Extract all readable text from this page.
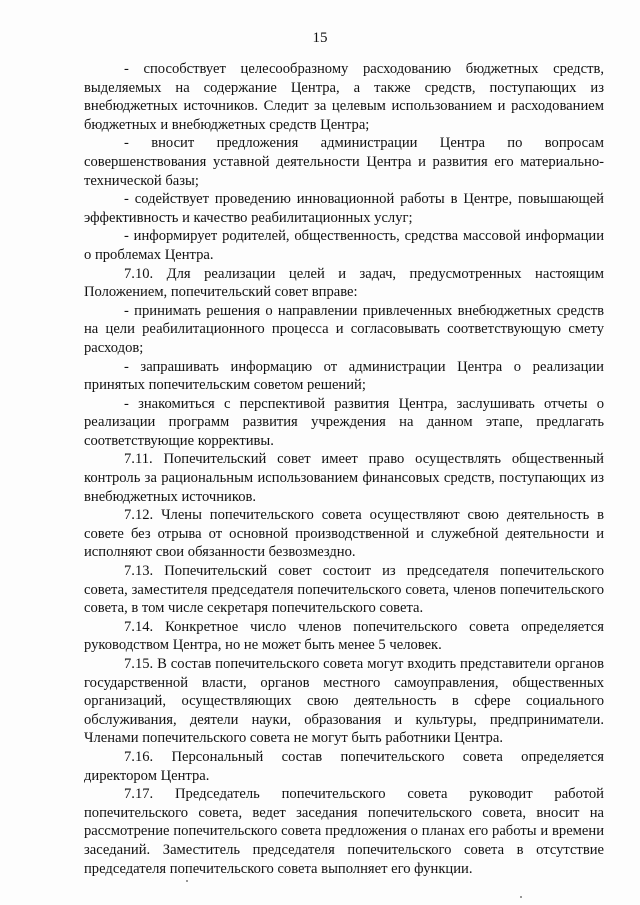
15

- способствует целесообразному расходованию бюджетных средств, выделяемых на содержание Центра, а также средств, поступающих из внебюджетных источников. Следит за целевым использованием и расходованием бюджетных и внебюджетных средств Центра;

- вносит предложения администрации Центра по вопросам совершенствования уставной деятельности Центра и развития его материально-технической базы;

- содействует проведению инновационной работы в Центре, повышающей эффективность и качество реабилитационных услуг;

- информирует родителей, общественность, средства массовой информации о проблемах Центра.

7.10. Для реализации целей и задач, предусмотренных настоящим Положением, попечительский совет вправе:

- принимать решения о направлении привлеченных внебюджетных средств на цели реабилитационного процесса и согласовывать соответствующую смету расходов;

- запрашивать информацию от администрации Центра о реализации принятых попечительским советом решений;

- знакомиться с перспективой развития Центра, заслушивать отчеты о реализации программ развития учреждения на данном этапе, предлагать соответствующие коррективы.

7.11. Попечительский совет имеет право осуществлять общественный контроль за рациональным использованием финансовых средств, поступающих из внебюджетных источников.

7.12. Члены попечительского совета осуществляют свою деятельность в совете без отрыва от основной производственной и служебной деятельности и исполняют свои обязанности безвозмездно.

7.13. Попечительский совет состоит из председателя попечительского совета, заместителя председателя попечительского совета, членов попечительского совета, в том числе секретаря попечительского совета.

7.14. Конкретное число членов попечительского совета определяется руководством Центра, но не может быть менее 5 человек.

7.15. В состав попечительского совета могут входить представители органов государственной власти, органов местного самоуправления, общественных организаций, осуществляющих свою деятельность в сфере социального обслуживания, деятели науки, образования и культуры, предприниматели. Членами попечительского совета не могут быть работники Центра.

7.16. Персональный состав попечительского совета определяется директором Центра.

7.17. Председатель попечительского совета руководит работой попечительского совета, ведет заседания попечительского совета, вносит на рассмотрение попечительского совета предложения о планах его работы и времени заседаний. Заместитель председателя попечительского совета в отсутствие председателя попечительского совета выполняет его функции.
